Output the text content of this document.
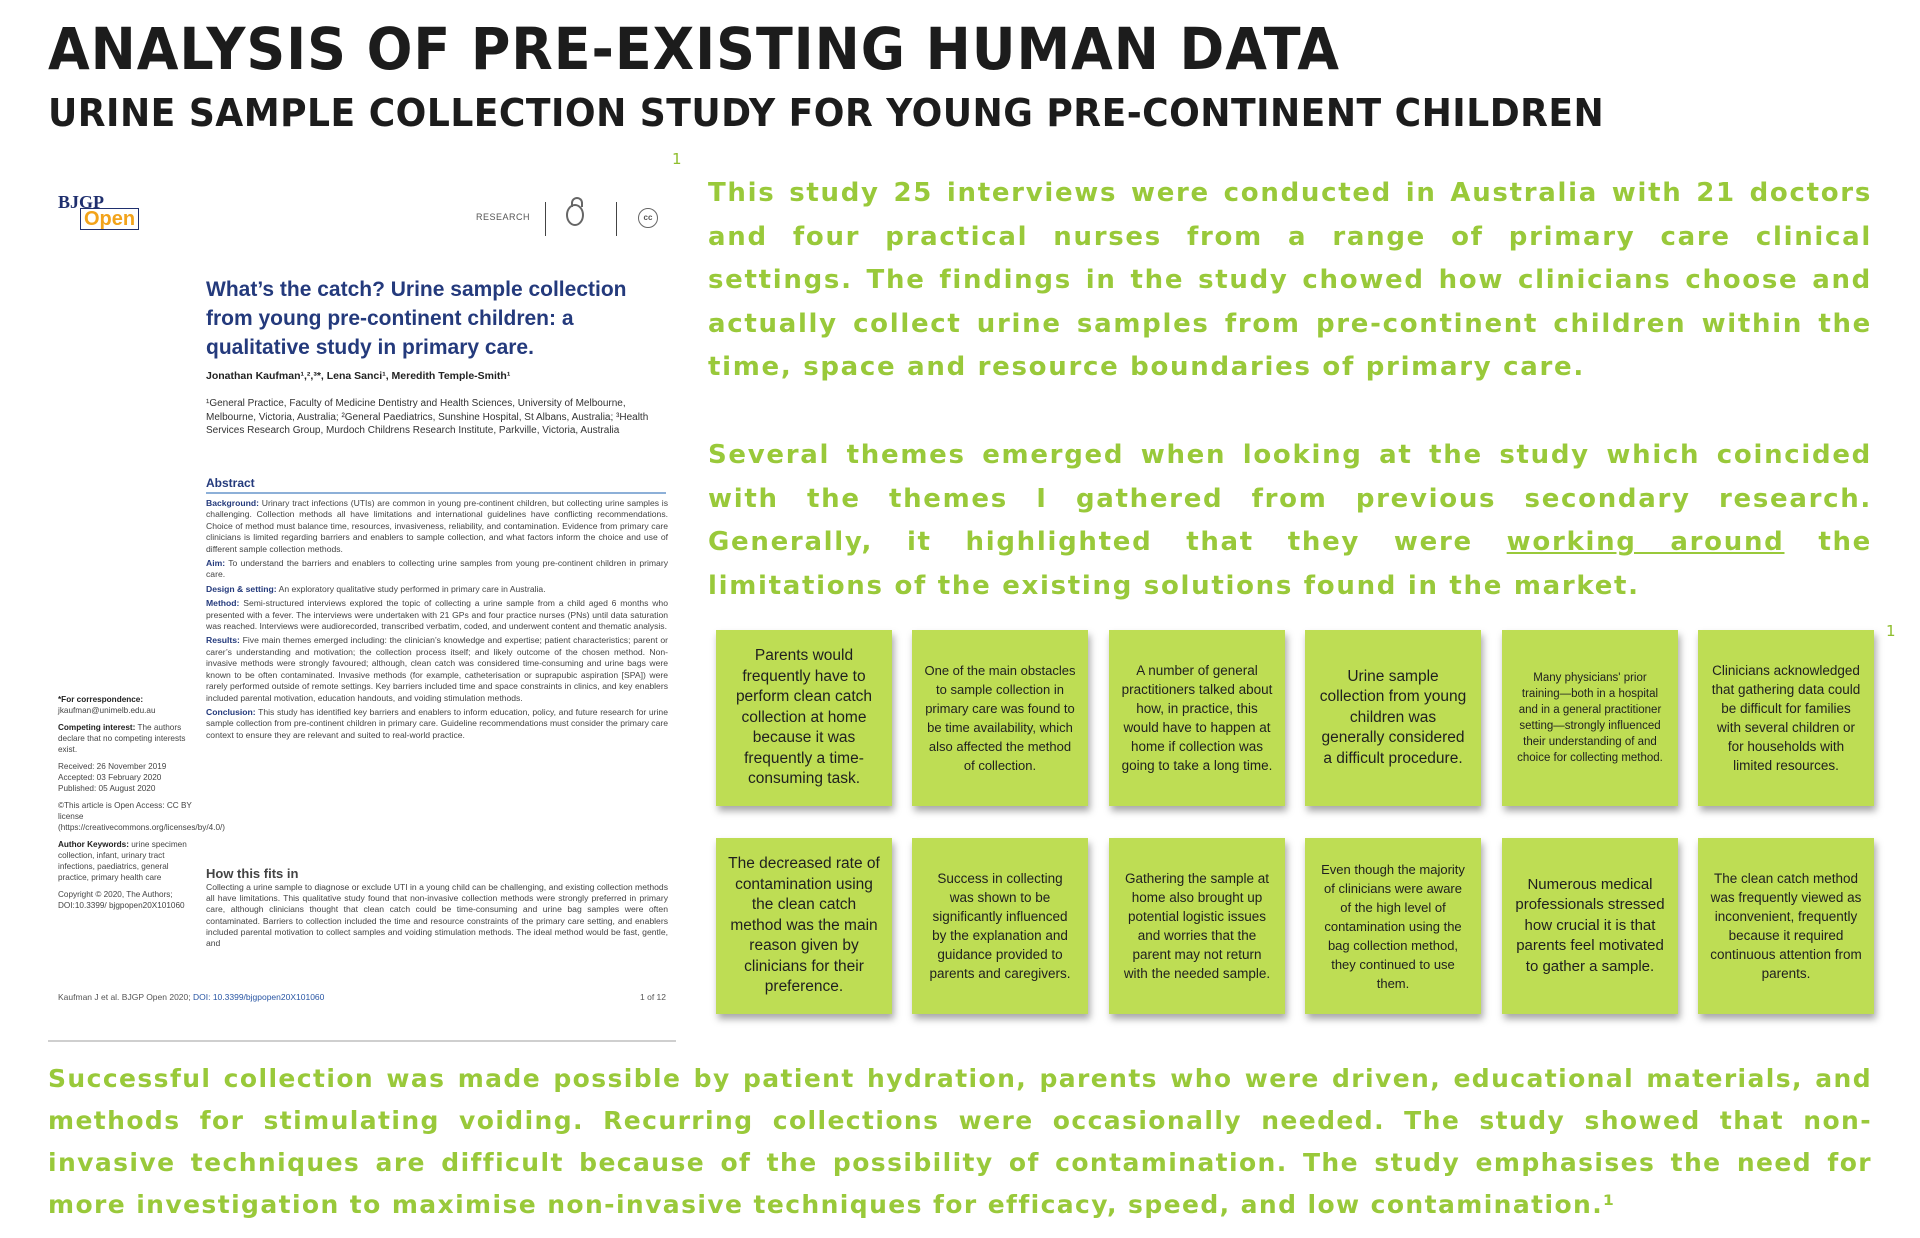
ANALYSIS OF PRE-EXISTING HUMAN DATA
URINE SAMPLE COLLECTION STUDY FOR YOUNG PRE-CONTINENT CHILDREN
1
1
BJGP
Open	RESEARCH	cc
What’s the catch? Urine sample collection from young pre-continent children: a qualitative study in primary care.
Jonathan Kaufman¹,²,³*, Lena Sanci¹, Meredith Temple-Smith¹
¹General Practice, Faculty of Medicine Dentistry and Health Sciences, University of Melbourne, Melbourne, Victoria, Australia; ²General Paediatrics, Sunshine Hospital, St Albans, Australia; ³Health Services Research Group, Murdoch Childrens Research Institute, Parkville, Victoria, Australia
Abstract

Background: Urinary tract infections (UTIs) are common in young pre-continent children, but collecting urine samples is challenging. Collection methods all have limitations and international guidelines have conflicting recommendations. Choice of method must balance time, resources, invasiveness, reliability, and contamination. Evidence from primary care clinicians is limited regarding barriers and enablers to sample collection, and what factors inform the choice and use of different sample collection methods.

Aim: To understand the barriers and enablers to collecting urine samples from young pre-continent children in primary care.

Design & setting: An exploratory qualitative study performed in primary care in Australia.

Method: Semi-structured interviews explored the topic of collecting a urine sample from a child aged 6 months who presented with a fever. The interviews were undertaken with 21 GPs and four practice nurses (PNs) until data saturation was reached. Interviews were audiorecorded, transcribed verbatim, coded, and underwent content and thematic analysis.

Results: Five main themes emerged including: the clinician’s knowledge and expertise; patient characteristics; parent or carer’s understanding and motivation; the collection process itself; and likely outcome of the chosen method. Non-invasive methods were strongly favoured; although, clean catch was considered time-consuming and urine bags were known to be often contaminated. Invasive methods (for example, catheterisation or suprapubic aspiration [SPA]) were rarely performed outside of remote settings. Key barriers included time and space constraints in clinics, and key enablers included parental motivation, education handouts, and voiding stimulation methods.

Conclusion: This study has identified key barriers and enablers to inform education, policy, and future research for urine sample collection from pre-continent children in primary care. Guideline recommendations must consider the primary care context to ensure they are relevant and suited to real-world practice.

*For correspondence:
jkaufman@unimelb.edu.au

Competing interest: The authors declare that no competing interests exist.

Received: 26 November 2019
Accepted: 03 February 2020
Published: 05 August 2020

©This article is Open Access: CC BY license (https://creativecommons.org/licenses/by/4.0/)

Author Keywords: urine specimen collection, infant, urinary tract infections, paediatrics, general practice, primary health care

Copyright © 2020, The Authors; DOI:10.3399/ bjgpopen20X101060

How this fits in
Collecting a urine sample to diagnose or exclude UTI in a young child can be challenging, and existing collection methods all have limitations. This qualitative study found that non-invasive collection methods were strongly preferred in primary care, although clinicians thought that clean catch could be time-consuming and urine bag samples were often contaminated. Barriers to collection included the time and resource constraints of the primary care setting, and enablers included parental motivation to collect samples and voiding stimulation methods. The ideal method would be fast, gentle, and
Kaufman J et al. BJGP Open 2020; DOI: 10.3399/bjgpopen20X101060	1 of 12

This study 25 interviews were conducted in Australia with 21 doctors and four practical nurses from a range of primary care clinical settings. The findings in the study chowed how clinicians choose and actually collect urine samples from pre-continent children within the time, space and resource boundaries of primary care.

Several themes emerged when looking at the study which coincided with the themes I gathered from previous secondary research. Generally, it highlighted that they were working around the limitations of the existing solutions found in the market.

Parents would frequently have to perform clean catch collection at home because it was frequently a time-consuming task.
One of the main obstacles to sample collection in primary care was found to be time availability, which also affected the method of collection.
A number of general practitioners talked about how, in practice, this would have to happen at home if collection was going to take a long time.
Urine sample collection from young children was generally considered a difficult procedure.
Many physicians' prior training—both in a hospital and in a general practitioner setting—strongly influenced their understanding of and choice for collecting method.
Clinicians acknowledged that gathering data could be difficult for families with several children or for households with limited resources.
The decreased rate of contamination using the clean catch method was the main reason given by clinicians for their preference.
Success in collecting was shown to be significantly influenced by the explanation and guidance provided to parents and caregivers.
Gathering the sample at home also brought up potential logistic issues and worries that the parent may not return with the needed sample.
Even though the majority of clinicians were aware of the high level of contamination using the bag collection method, they continued to use them.
Numerous medical professionals stressed how crucial it is that parents feel motivated to gather a sample.
The clean catch method was frequently viewed as inconvenient, frequently because it required continuous attention from parents.

Successful collection was made possible by patient hydration, parents who were driven, educational materials, and methods for stimulating voiding. Recurring collections were occasionally needed. The study showed that non-invasive techniques are difficult because of the possibility of contamination. The study emphasises the need for more investigation to maximise non-invasive techniques for efficacy, speed, and low contamination.¹
